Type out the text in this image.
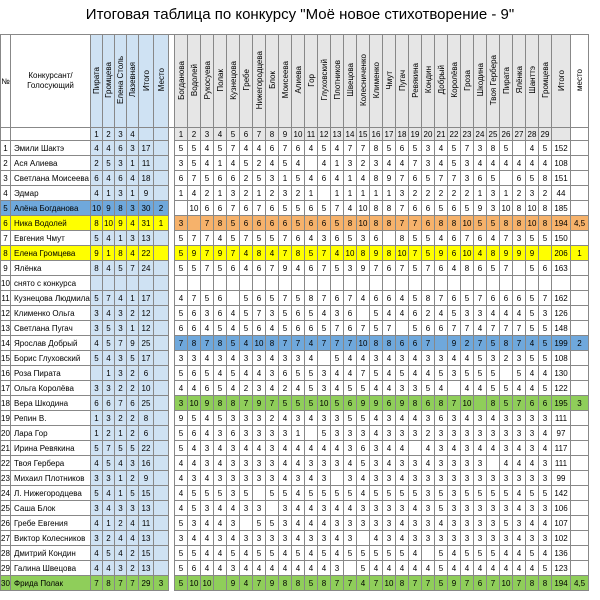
Итоговая таблица по конкурсу "Моё новое стихотворение - 9"
№	Конкурсант/ Голосующий	Пирата	Громцева	Елена Столь	Лазевная	Итого	Место		Богданова	Водолей	Рукосуева	Полак	Кузнецова	Гребе	Нижегородцева	Блок	Моисеева	Алиева	Гор	Глуховский	Плотников	Швецова	Колесниченко	Клименко	Чмут	Пугач	Ревякина	Кондин	Добрый	Королёва	Гроза	Шкодина	Твоя Гербера	Пирата	Ялёнка	Шанттэ	Громцева	Итого	место
		1	2	3	4				1	2	3	4	5	6	7	8	9	10	11	12	13	14	15	16	17	18	19	20	21	22	23	24	25	26	27	28	29		
1	Эмили Шактэ	4	4	6	3	17			5	5	4	5	7	4	4	6	7	6	4	5	4	7	7	8	5	6	5	3	4	5	7	3	8	5		4	5	152	
2	Ася Алиева	2	5	3	1	11			3	5	4	1	4	5	2	4	5	4		4	1	3	2	3	4	4	7	3	4	5	3	4	4	4	4	4	4	108	
3	Светлана Моисеева	6	4	6	4	18			6	7	5	6	6	2	5	3	1	5	4	6	4	1	4	8	9	7	6	5	7	7	3	6	5		6	5	8	151	
4	Эдмар	4	1	3	1	9			1	4	2	1	3	2	1	2	3	2	1		1	1	1	1	1	3	2	2	2	2	2	1	3	1	2	3	2	44	
5	Алёна Богданова	10	9	8	3	30	2			10	6	6	7	6	7	6	5	5	6	5	7	4	10	8	8	7	6	6	5	6	5	9	3	10	8	10	8	185	
6	Ника Водолей	8	10	9	4	31	1		3		7	8	5	6	6	6	6	5	6	6	5	8	10	8	8	7	7	6	8	8	10	5	5	8	8	10	8	194	4,5
7	Евгения Чмут	5	4	1	3	13			5	7	7	4	5	7	5	5	7	6	4	3	6	5	3	6		8	5	5	4	6	7	6	4	7	3	5	5	150	
8	Елена Громцева	9	1	8	4	22			5	9	7	9	7	4	8	4	7	8	5	7	4	10	8	9	8	10	7	5	9	6	10	4	8	9	9	9		206	1
9	Ялёнка	8	4	5	7	24			5	5	7	5	6	4	6	7	9	4	6	7	5	3	9	7	6	7	5	7	6	4	8	6	5	7		5	6	163	
10	снято с конкурса																																						
11	Кузнецова Людмила	5	7	4	1	17			4	7	5	6		5	6	5	7	5	8	7	6	7	4	6	6	4	5	8	7	6	5	7	6	6	6	5	7	162	
12	Клименко Ольга	3	4	3	2	12			5	6	3	6	4	5	7	3	5	6	5	4	3	6		5	4	4	6	2	4	5	3	3	4	4	4	5	3	126	
13	Светлана Пугач	3	5	3	1	12			6	6	4	5	4	5	6	4	5	6	6	5	7	6	7	5	7		5	6	6	7	7	4	7	7	7	5	5	148	
14	Ярослав Добрый	4	5	7	9	25			7	8	7	8	5	4	10	8	7	7	4	7	7	7	10	8	8	6	6	7		9	2	7	5	8	7	4	5	199	2
15	Борис Глуховский	5	4	3	5	17			3	3	4	3	4	3	3	4	3	3	4		5	4	4	3	4	3	4	3	3	4	4	5	3	2	3	5	5	108	
16	Роза Пирата		1	3	2	6			5	6	5	4	5	4	4	3	6	5	5	3	4	4	7	5	4	5	4	4	5	3	5	5	5		5	4	4	130	
17	Ольга Королёва	3	3	2	2	10			4	4	6	5	4	2	3	4	2	4	5	3	4	5	5	4	4	3	3	5	4		4	4	5	5	4	4	5	122	
18	Вера Шкодина	6	6	7	6	25			3	10	9	8	8	7	9	7	5	5	5	10	5	6	9	9	6	9	8	6	8	7	10		8	5	7	6	6	195	3
19	Репин В.	1	3	2	2	8			9	5	4	5	3	3	3	2	4	3	4	3	3	5	5	4	3	4	4	3	6	3	4	3	4	3	3	3	3	111	
20	Лара Гор	1	2	1	2	6			5	6	4	3	6	3	3	3	3	1		5	3	3	3	4	3	3	3	2	3	3	3	3	3	3	3	3	4	97	
21	Ирина Ревякина	5	7	5	5	22			5	4	3	4	3	4	4	3	4	4	4	4	4	3	6	3	4	4		4	3	4	3	4	4	3	4	3	4	117	
22	Твоя Гербера	4	5	4	3	16			4	4	3	4	3	3	3	3	4	4	3	3	3	4	5	3	4	3	3	4	3	3	3	3		4	4	4	3	111	
23	Михаил Плотников	3	3	1	2	9			4	3	4	3	3	3	3	3	4	3	4	3		3	4	3	3	4	3	3	3	3	3	3	3	3	3	3	3	99	
24	Л. Нижегородцева	5	4	1	5	15			4	5	5	5	3	5		5	5	4	5	5	5	5	4	5	5	5	5	3	5	3	5	5	5	5	4	5	5	142	
25	Саша Блок	3	4	3	3	13			4	5	3	4	4	3	3		3	4	4	3	4	4	3	3	3	3	4	3	5	3	3	3	3	3	4	3	3	106	
26	Гребе Евгения	4	1	2	4	11			5	3	4	4	3		5	5	3	4	4	4	3	3	3	3	3	4	3	3	4	3	3	3	3	5	3	4	4	107	
27	Виктор Колесников	3	2	4	4	13			3	4	4	3	4	3	3	3	3	4	3	3	4	3		4	3	4	3	3	3	3	3	3	3	3	4	3	3	102	
28	Дмитрий Кондин	4	5	4	2	15			5	5	4	4	5	4	5	5	4	5	4	5	4	5	5	5	5	5	4		5	4	5	5	5	4	4	5	4	136	
29	Галина Швецова	4	4	3	2	13			5	6	4	4	3	4	4	4	4	4	4	4	3		5	4	4	4	4	4	5	4	4	4	4	4	4	4	5	123	
30	Фрида Полак	7	8	7	7	29	3		5	10	10		9	4	7	9	8	8	5	8	7	7	4	7	10	8	7	7	5	9	7	6	7	10	7	8	8	194	4,5
